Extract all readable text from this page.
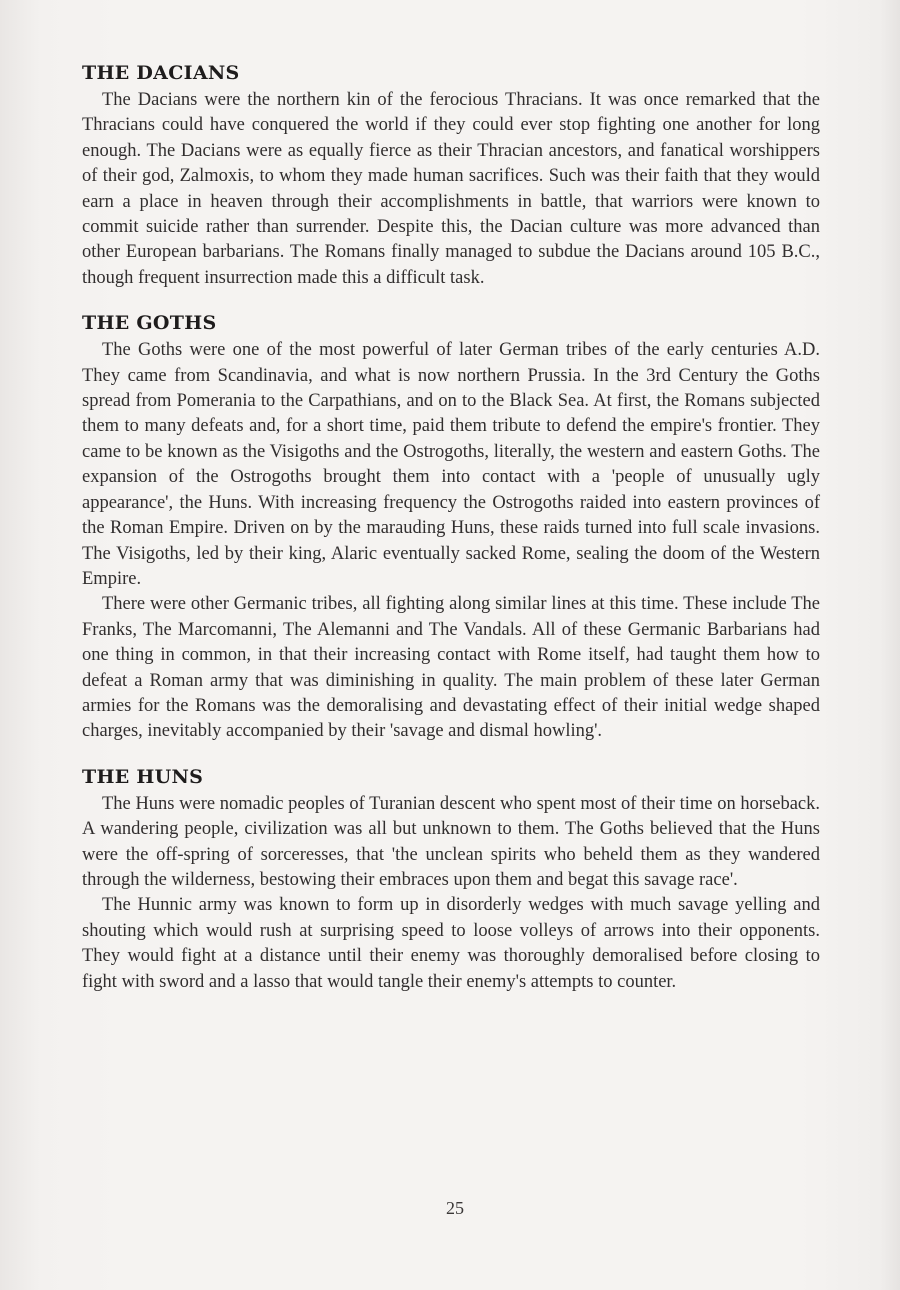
THE DACIANS

The Dacians were the northern kin of the ferocious Thracians. It was once remarked that the Thracians could have conquered the world if they could ever stop fighting one another for long enough. The Dacians were as equally fierce as their Thracian ancestors, and fanatical worshippers of their god, Zalmoxis, to whom they made human sacrifices. Such was their faith that they would earn a place in heaven through their accomplishments in battle, that warriors were known to commit suicide rather than surrender. Despite this, the Dacian culture was more advanced than other European barbarians. The Romans finally managed to subdue the Dacians around 105 B.C., though frequent insurrection made this a difficult task.

THE GOTHS

The Goths were one of the most powerful of later German tribes of the early centuries A.D. They came from Scandinavia, and what is now northern Prussia. In the 3rd Century the Goths spread from Pomerania to the Carpathians, and on to the Black Sea. At first, the Romans subjected them to many defeats and, for a short time, paid them tribute to defend the empire's frontier. They came to be known as the Visigoths and the Ostrogoths, literally, the western and eastern Goths. The expansion of the Ostrogoths brought them into contact with a 'people of unusually ugly appearance', the Huns. With increasing frequency the Ostrogoths raided into eastern provinces of the Roman Empire. Driven on by the marauding Huns, these raids turned into full scale invasions. The Visigoths, led by their king, Alaric eventually sacked Rome, sealing the doom of the Western Empire.

There were other Germanic tribes, all fighting along similar lines at this time. These include The Franks, The Marcomanni, The Alemanni and The Vandals. All of these Germanic Barbarians had one thing in common, in that their increasing contact with Rome itself, had taught them how to defeat a Roman army that was diminishing in quality. The main problem of these later German armies for the Romans was the demoralising and devastating effect of their initial wedge shaped charges, inevitably accompanied by their 'savage and dismal howling'.

THE HUNS

The Huns were nomadic peoples of Turanian descent who spent most of their time on horseback. A wandering people, civilization was all but unknown to them. The Goths believed that the Huns were the off-spring of sorceresses, that 'the unclean spirits who beheld them as they wandered through the wilderness, bestowing their embraces upon them and begat this savage race'.

The Hunnic army was known to form up in disorderly wedges with much savage yelling and shouting which would rush at surprising speed to loose volleys of arrows into their opponents. They would fight at a distance until their enemy was thoroughly demoralised before closing to fight with sword and a lasso that would tangle their enemy's attempts to counter.

25
